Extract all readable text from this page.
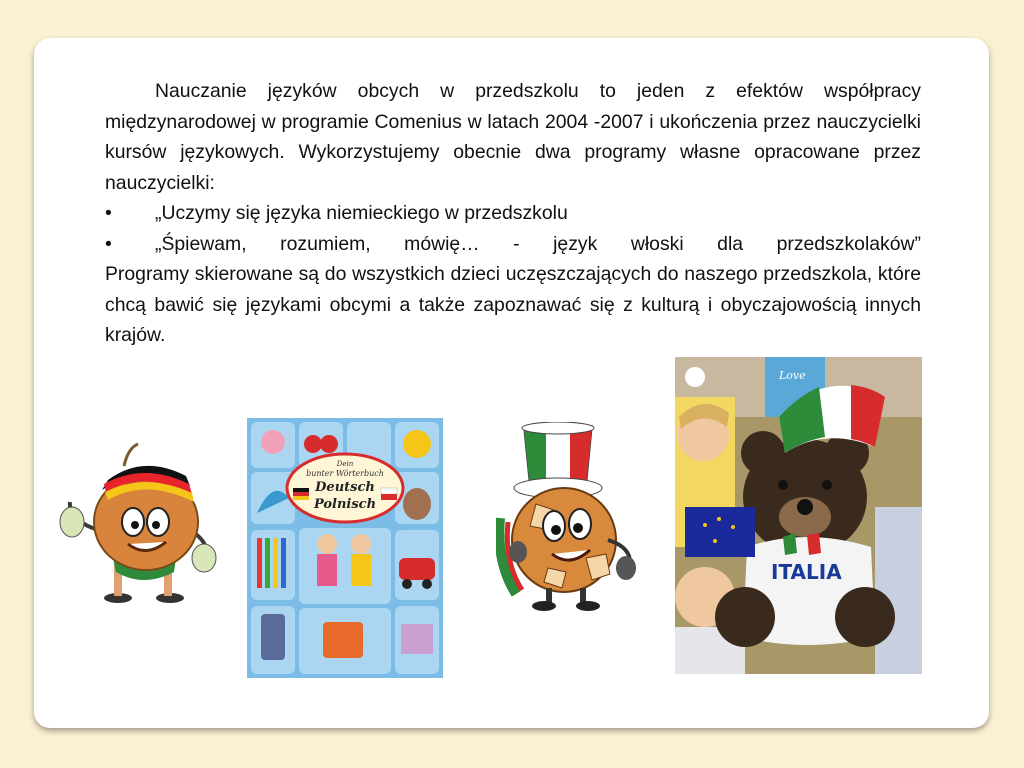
Nauczanie języków obcych w przedszkolu to jeden z efektów współpracy międzynarodowej w programie Comenius w latach 2004 -2007 i ukończenia przez nauczycielki kursów językowych. Wykorzystujemy obecnie dwa programy własne opracowane przez nauczycielki:

•	„Uczymy się języka niemieckiego w przedszkolu
•	„Śpiewam, rozumiem, mówię… - język włoski dla przedszkolaków”

Programy skierowane są do wszystkich dzieci uczęszczających do naszego przedszkola, które chcą bawić się językami obcymi a także zapoznawać się z kulturą i obyczajowością innych krajów.

Dein
bunter Wörterbuch
Deutsch
Polnisch
ITALIA
Love
